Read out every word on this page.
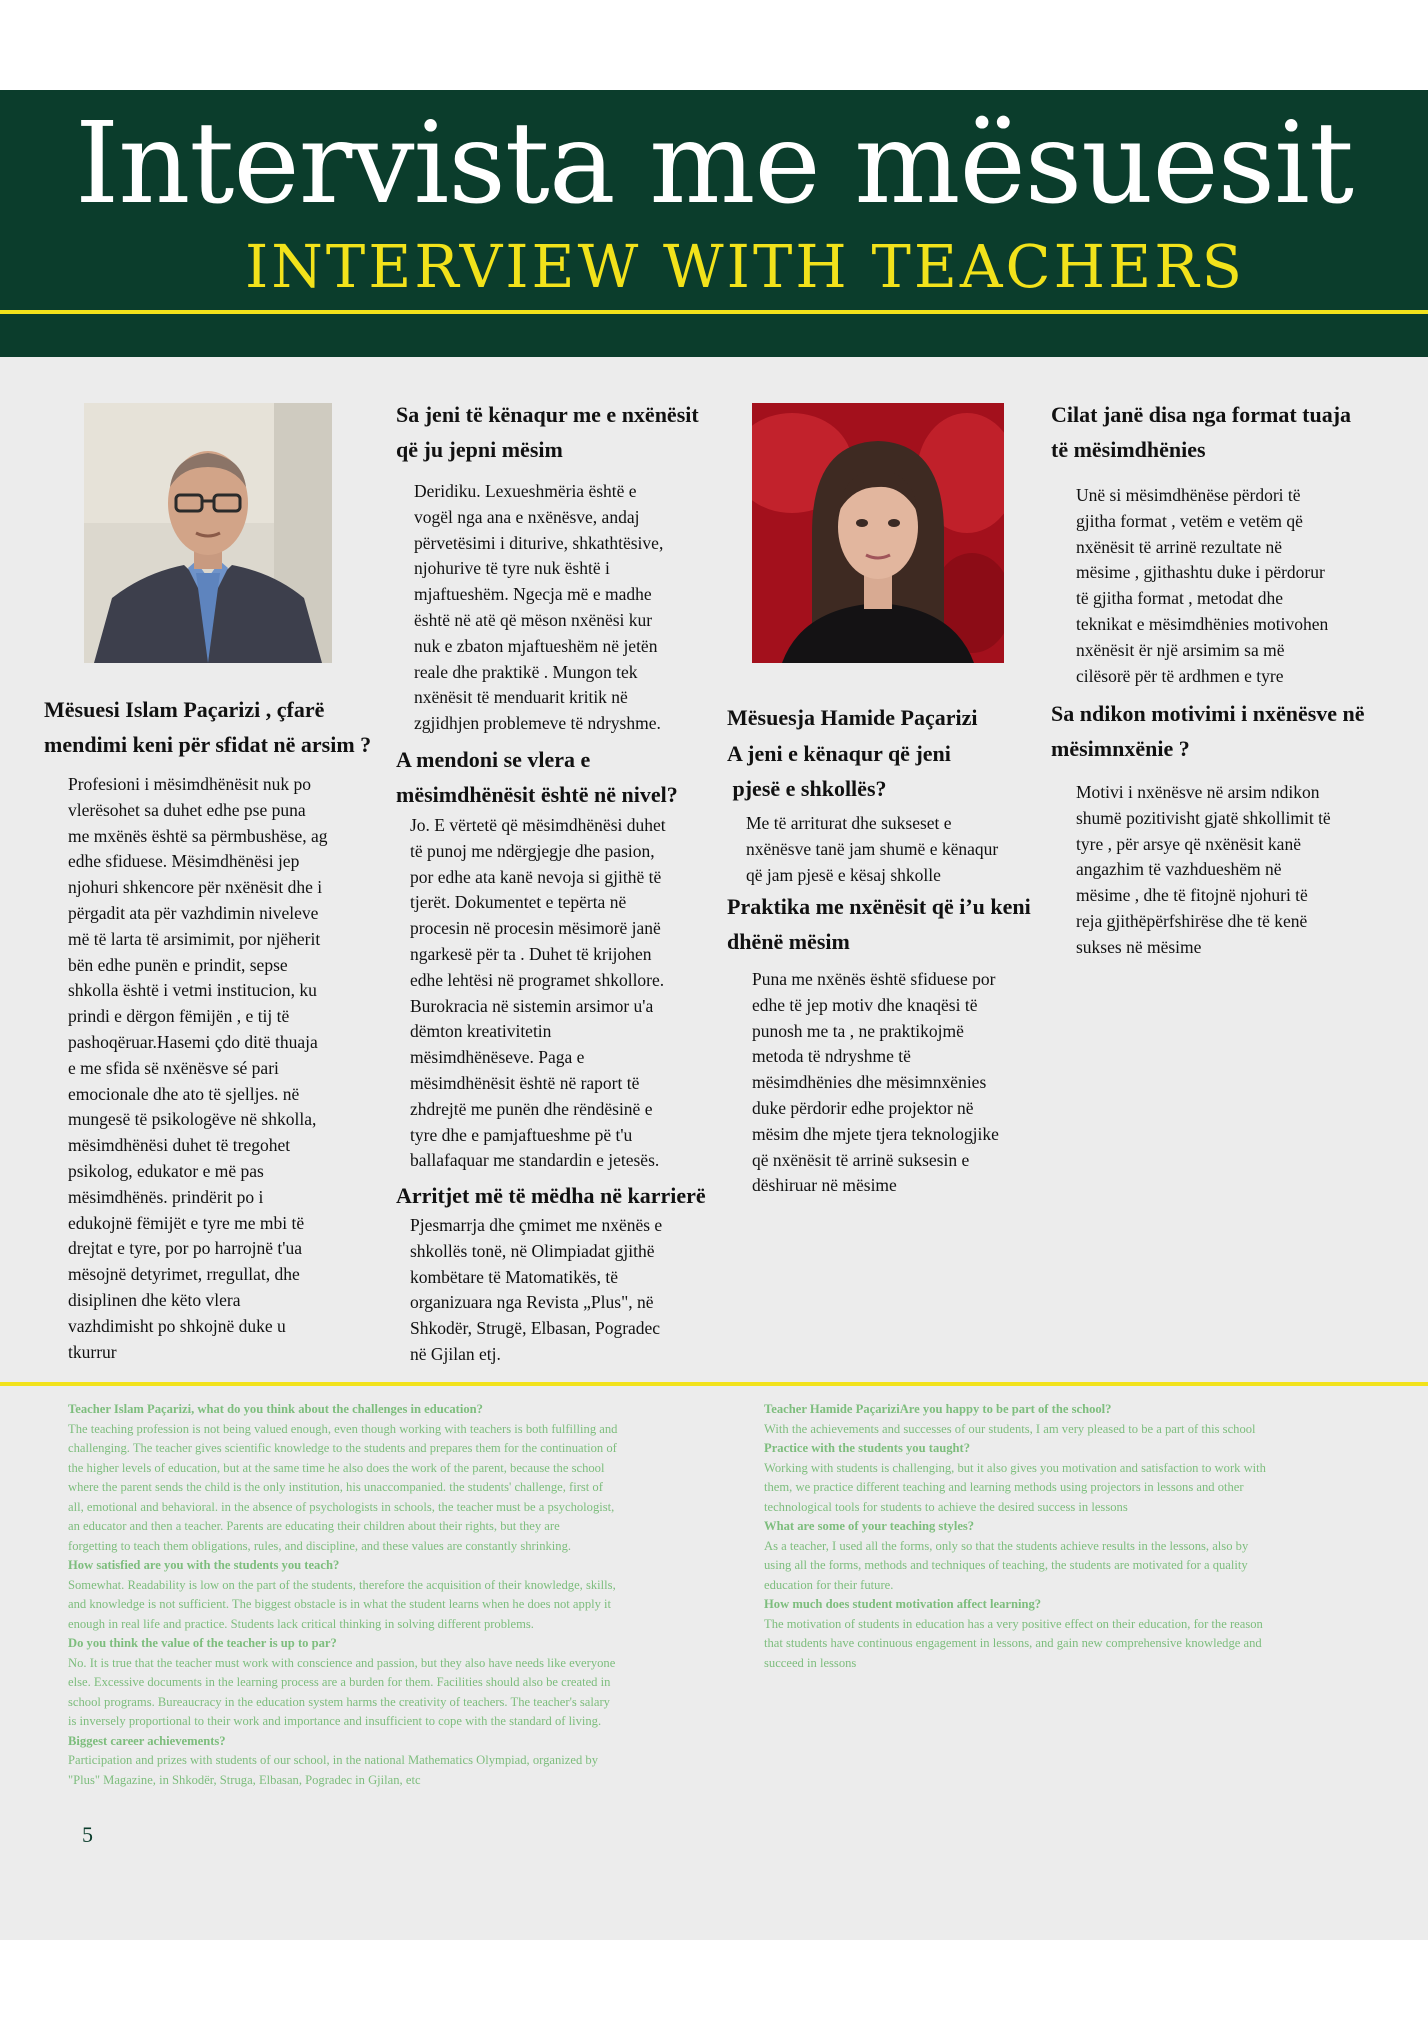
Intervista me mësuesit
INTERVIEW WITH TEACHERS
Mësuesi Islam Paçarizi , çfarë
mendimi keni për sfidat në arsim ?
Profesioni i mësimdhënësit nuk po
vlerësohet sa duhet edhe pse puna
me mxënës është sa përmbushëse, ag
edhe sfiduese. Mësimdhënësi jep
njohuri shkencore për nxënësit dhe i
përgadit ata për vazhdimin niveleve
më të larta të arsimimit, por njëherit
bën edhe punën e prindit, sepse
shkolla është i vetmi institucion, ku
prindi e dërgon fëmijën , e tij të
pashoqëruar.Hasemi çdo ditë thuaja
e me sfida së nxënësve sé pari
emocionale dhe ato të sjelljes. në
mungesë të psikologëve në shkolla,
mësimdhënësi duhet të tregohet
psikolog, edukator e më pas
mësimdhënës. prindërit po i
edukojnë fëmijët e tyre me mbi të
drejtat e tyre, por po harrojnë t'ua
mësojnë detyrimet, rregullat, dhe
disiplinen dhe këto vlera
vazhdimisht po shkojnë duke u
tkurrur
Sa jeni të kënaqur me e nxënësit
që ju jepni mësim
Deridiku. Lexueshmëria është e
vogël nga ana e nxënësve, andaj
përvetësimi i diturive, shkathtësive,
njohurive të tyre nuk është i
mjaftueshëm. Ngecja më e madhe
është në atë që mëson nxënësi kur
nuk e zbaton mjaftueshëm në jetën
reale dhe praktikë . Mungon tek
nxënësit të menduarit kritik në
zgjidhjen problemeve të ndryshme.
A mendoni se vlera e
mësimdhënësit është në nivel?
Jo. E vërtetë që mësimdhënësi duhet
të punoj me ndërgjegje dhe pasion,
por edhe ata kanë nevoja si gjithë të
tjerët. Dokumentet e tepërta në
procesin në procesin mësimorë janë
ngarkesë për ta . Duhet të krijohen
edhe lehtësi në programet shkollore.
Burokracia në sistemin arsimor u'a
dëmton kreativitetin
mësimdhënëseve. Paga e
mësimdhënësit është në raport të
zhdrejtë me punën dhe rëndësinë e
tyre dhe e pamjaftueshme pë t'u
ballafaquar me standardin e jetesës.
Arritjet më të mëdha në karrierë
Pjesmarrja dhe çmimet me nxënës e
shkollës tonë, në Olimpiadat gjithë
kombëtare të Matomatikës, të
organizuara nga Revista „Plus", në
Shkodër, Strugë, Elbasan, Pogradec
në Gjilan etj.
Mësuesja Hamide Paçarizi
A jeni e kënaqur që jeni
pjesë e shkollës?
Me të arriturat dhe sukseset e
nxënësve tanë jam shumë e kënaqur
që jam pjesë e kësaj shkolle
Praktika me nxënësit që i’u keni
dhënë mësim
Puna me nxënës është sfiduese por
edhe të jep motiv dhe knaqësi të
punosh me ta , ne praktikojmë
metoda të ndryshme të
mësimdhënies dhe mësimnxënies
duke përdorir edhe projektor në
mësim dhe mjete tjera teknologjike
që nxënësit të arrinë suksesin e
dëshiruar në mësime
Cilat janë disa nga format tuaja
të mësimdhënies
Unë si mësimdhënëse përdori të
gjitha format , vetëm e vetëm që
nxënësit të arrinë rezultate në
mësime , gjithashtu duke i përdorur
të gjitha format , metodat dhe
teknikat e mësimdhënies motivohen
nxënësit ër një arsimim sa më
cilësorë për të ardhmen e tyre
Sa ndikon motivimi i nxënësve në
mësimnxënie ?
Motivi i nxënësve në arsim ndikon
shumë pozitivisht gjatë shkollimit të
tyre , për arsye që nxënësit kanë
angazhim të vazhdueshëm në
mësime , dhe të fitojnë njohuri të
reja gjithëpërfshirëse dhe të kenë
sukses në mësime
Teacher Islam Paçarizi, what do you think about the challenges in education?
The teaching profession is not being valued enough, even though working with teachers is both fulfilling and
challenging. The teacher gives scientific knowledge to the students and prepares them for the continuation of
the higher levels of education, but at the same time he also does the work of the parent, because the school
where the parent sends the child is the only institution, his unaccompanied. the students' challenge, first of
all, emotional and behavioral. in the absence of psychologists in schools, the teacher must be a psychologist,
an educator and then a teacher. Parents are educating their children about their rights, but they are
forgetting to teach them obligations, rules, and discipline, and these values are constantly shrinking.
How satisfied are you with the students you teach?
Somewhat. Readability is low on the part of the students, therefore the acquisition of their knowledge, skills,
and knowledge is not sufficient. The biggest obstacle is in what the student learns when he does not apply it
enough in real life and practice. Students lack critical thinking in solving different problems.
Do you think the value of the teacher is up to par?
No. It is true that the teacher must work with conscience and passion, but they also have needs like everyone
else. Excessive documents in the learning process are a burden for them. Facilities should also be created in
school programs. Bureaucracy in the education system harms the creativity of teachers. The teacher's salary
is inversely proportional to their work and importance and insufficient to cope with the standard of living.
Biggest career achievements?
Participation and prizes with students of our school, in the national Mathematics Olympiad, organized by
"Plus" Magazine, in Shkodër, Struga, Elbasan, Pogradec in Gjilan, etc
Teacher Hamide PaçariziAre you happy to be part of the school?
With the achievements and successes of our students, I am very pleased to be a part of this school
Practice with the students you taught?
Working with students is challenging, but it also gives you motivation and satisfaction to work with
them, we practice different teaching and learning methods using projectors in lessons and other
technological tools for students to achieve the desired success in lessons
What are some of your teaching styles?
As a teacher, I used all the forms, only so that the students achieve results in the lessons, also by
using all the forms, methods and techniques of teaching, the students are motivated for a quality
education for their future.
How much does student motivation affect learning?
The motivation of students in education has a very positive effect on their education, for the reason
that students have continuous engagement in lessons, and gain new comprehensive knowledge and
succeed in lessons
5
